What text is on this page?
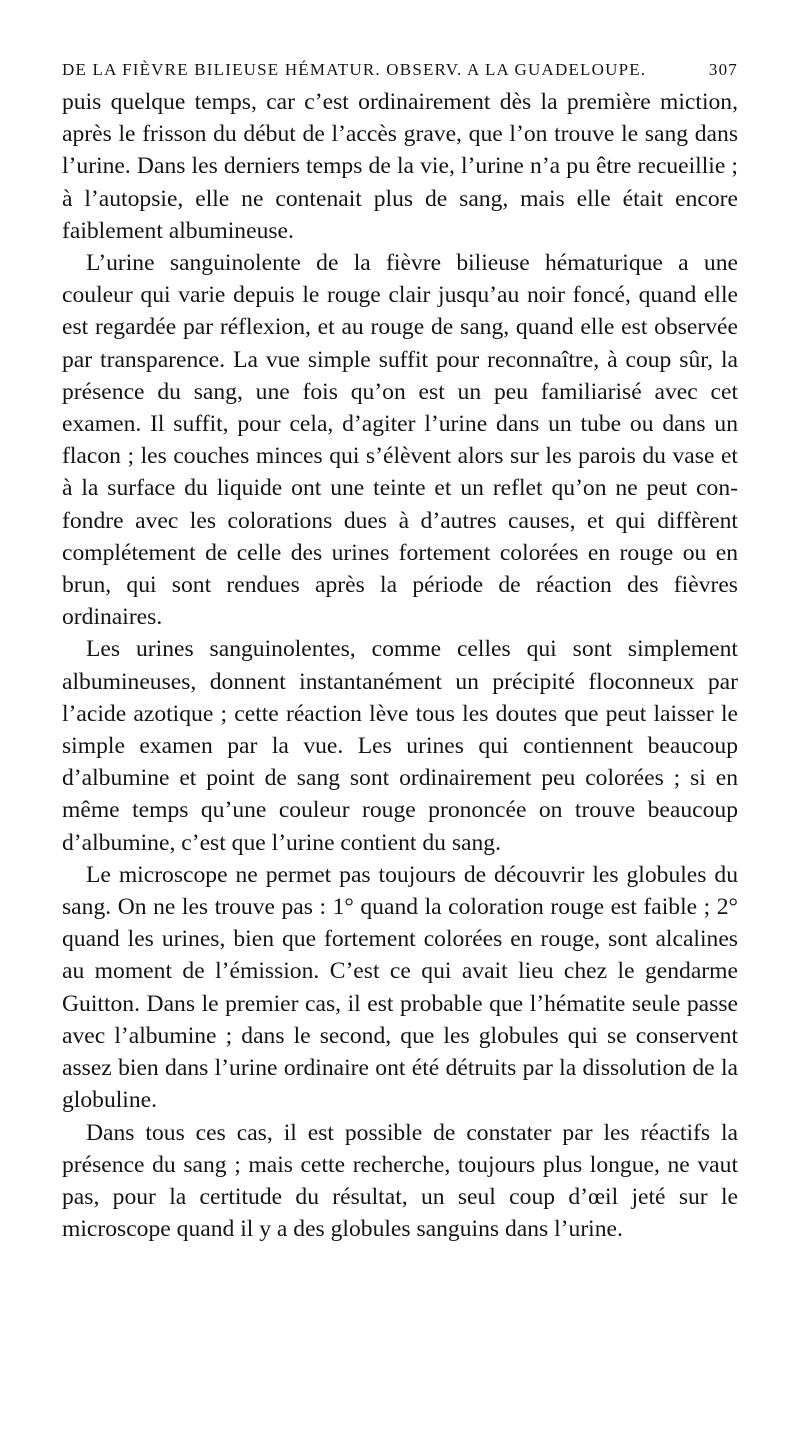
DE LA FIÈVRE BILIEUSE HÉMATUR. OBSERV. A LA GUADELOUPE.	307

puis quelque temps, car c’est ordinairement dès la première miction, après le frisson du début de l’accès grave, que l’on trouve le sang dans l’urine. Dans les derniers temps de la vie, l’urine n’a pu être recueillie ; à l’autopsie, elle ne contenait plus de sang, mais elle était encore faiblement albumineuse.

L’urine sanguinolente de la fièvre bilieuse hématurique a une couleur qui varie depuis le rouge clair jusqu’au noir foncé, quand elle est regardée par réflexion, et au rouge de sang, quand elle est observée par transparence. La vue simple suffit pour reconnaître, à coup sûr, la présence du sang, une fois qu’on est un peu familiarisé avec cet examen. Il suffit, pour cela, d’agiter l’urine dans un tube ou dans un flacon ; les couches minces qui s’élèvent alors sur les parois du vase et à la surface du liquide ont une teinte et un reflet qu’on ne peut confondre avec les colorations dues à d’autres causes, et qui diffèrent complétement de celle des urines fortement colorées en rouge ou en brun, qui sont rendues après la période de réaction des fièvres ordinaires.

Les urines sanguinolentes, comme celles qui sont simplement albumineuses, donnent instantanément un précipité floconneux par l’acide azotique ; cette réaction lève tous les doutes que peut laisser le simple examen par la vue. Les urines qui contiennent beaucoup d’albumine et point de sang sont ordinairement peu colorées ; si en même temps qu’une couleur rouge prononcée on trouve beaucoup d’albumine, c’est que l’urine contient du sang.

Le microscope ne permet pas toujours de découvrir les globules du sang. On ne les trouve pas : 1° quand la coloration rouge est faible ; 2° quand les urines, bien que fortement colorées en rouge, sont alcalines au moment de l’émission. C’est ce qui avait lieu chez le gendarme Guitton. Dans le premier cas, il est probable que l’hématite seule passe avec l’albumine ; dans le second, que les globules qui se conservent assez bien dans l’urine ordinaire ont été détruits par la dissolution de la globuline.

Dans tous ces cas, il est possible de constater par les réactifs la présence du sang ; mais cette recherche, toujours plus longue, ne vaut pas, pour la certitude du résultat, un seul coup d’œil jeté sur le microscope quand il y a des globules sanguins dans l’urine.
